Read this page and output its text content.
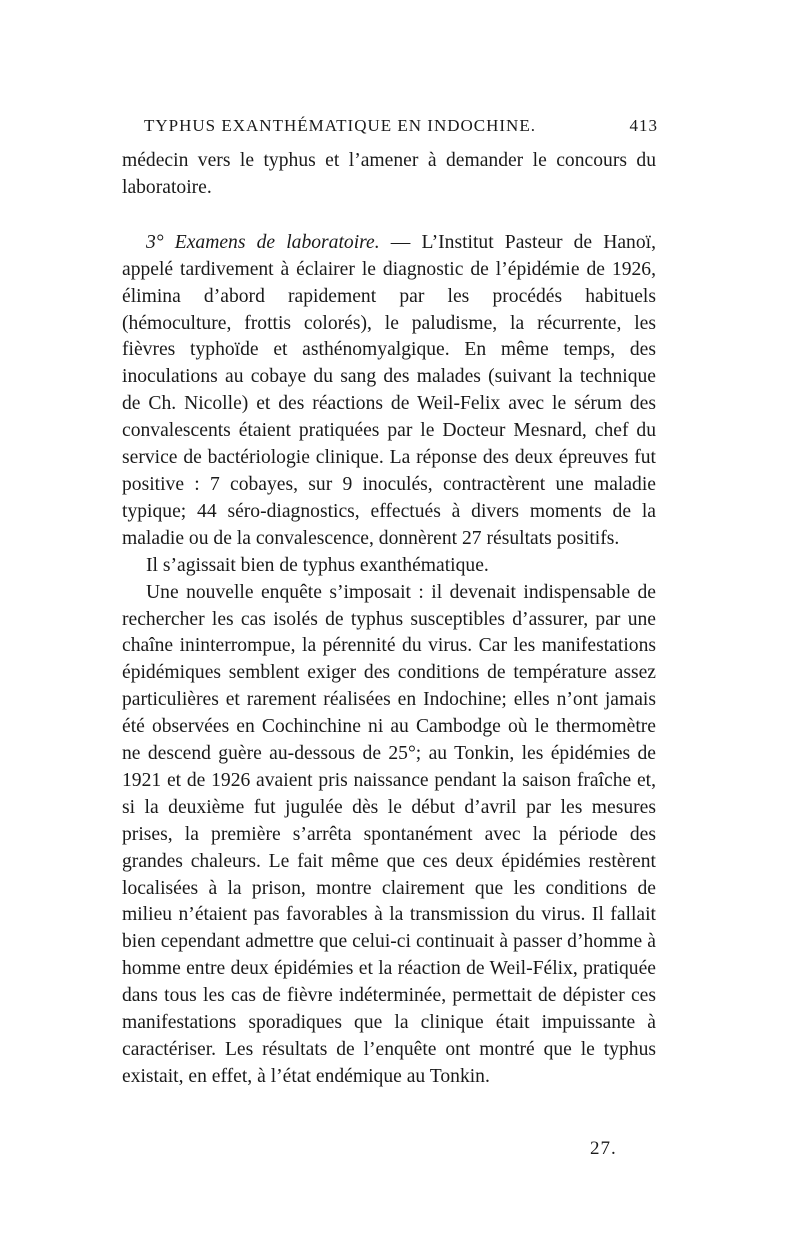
TYPHUS EXANTHÉMATIQUE EN INDOCHINE.	413

médecin vers le typhus et l’amener à demander le concours du laboratoire.

3° Examens de laboratoire. — L’Institut Pasteur de Hanoï, appelé tardivement à éclairer le diagnostic de l’épidémie de 1926, élimina d’abord rapidement par les procédés habituels (hémoculture, frottis colorés), le paludisme, la récurrente, les fièvres typhoïde et asthénomyalgique. En même temps, des inoculations au cobaye du sang des malades (suivant la technique de Ch. Nicolle) et des réactions de Weil-Felix avec le sérum des convalescents étaient pratiquées par le Docteur Mesnard, chef du service de bactériologie clinique. La réponse des deux épreuves fut positive : 7 cobayes, sur 9 inoculés, contractèrent une maladie typique; 44 séro-diagnostics, effectués à divers moments de la maladie ou de la convalescence, donnèrent 27 résultats positifs.

Il s’agissait bien de typhus exanthématique.

Une nouvelle enquête s’imposait : il devenait indispensable de rechercher les cas isolés de typhus susceptibles d’assurer, par une chaîne ininterrompue, la pérennité du virus. Car les manifestations épidémiques semblent exiger des conditions de température assez particulières et rarement réalisées en Indochine; elles n’ont jamais été observées en Cochinchine ni au Cambodge où le thermomètre ne descend guère au-dessous de 25°; au Tonkin, les épidémies de 1921 et de 1926 avaient pris naissance pendant la saison fraîche et, si la deuxième fut jugulée dès le début d’avril par les mesures prises, la première s’arrêta spontanément avec la période des grandes chaleurs. Le fait même que ces deux épidémies restèrent localisées à la prison, montre clairement que les conditions de milieu n’étaient pas favorables à la transmission du virus. Il fallait bien cependant admettre que celui-ci continuait à passer d’homme à homme entre deux épidémies et la réaction de Weil-Félix, pratiquée dans tous les cas de fièvre indéterminée, permettait de dépister ces manifestations sporadiques que la clinique était impuissante à caractériser. Les résultats de l’enquête ont montré que le typhus existait, en effet, à l’état endémique au Tonkin.

27.
